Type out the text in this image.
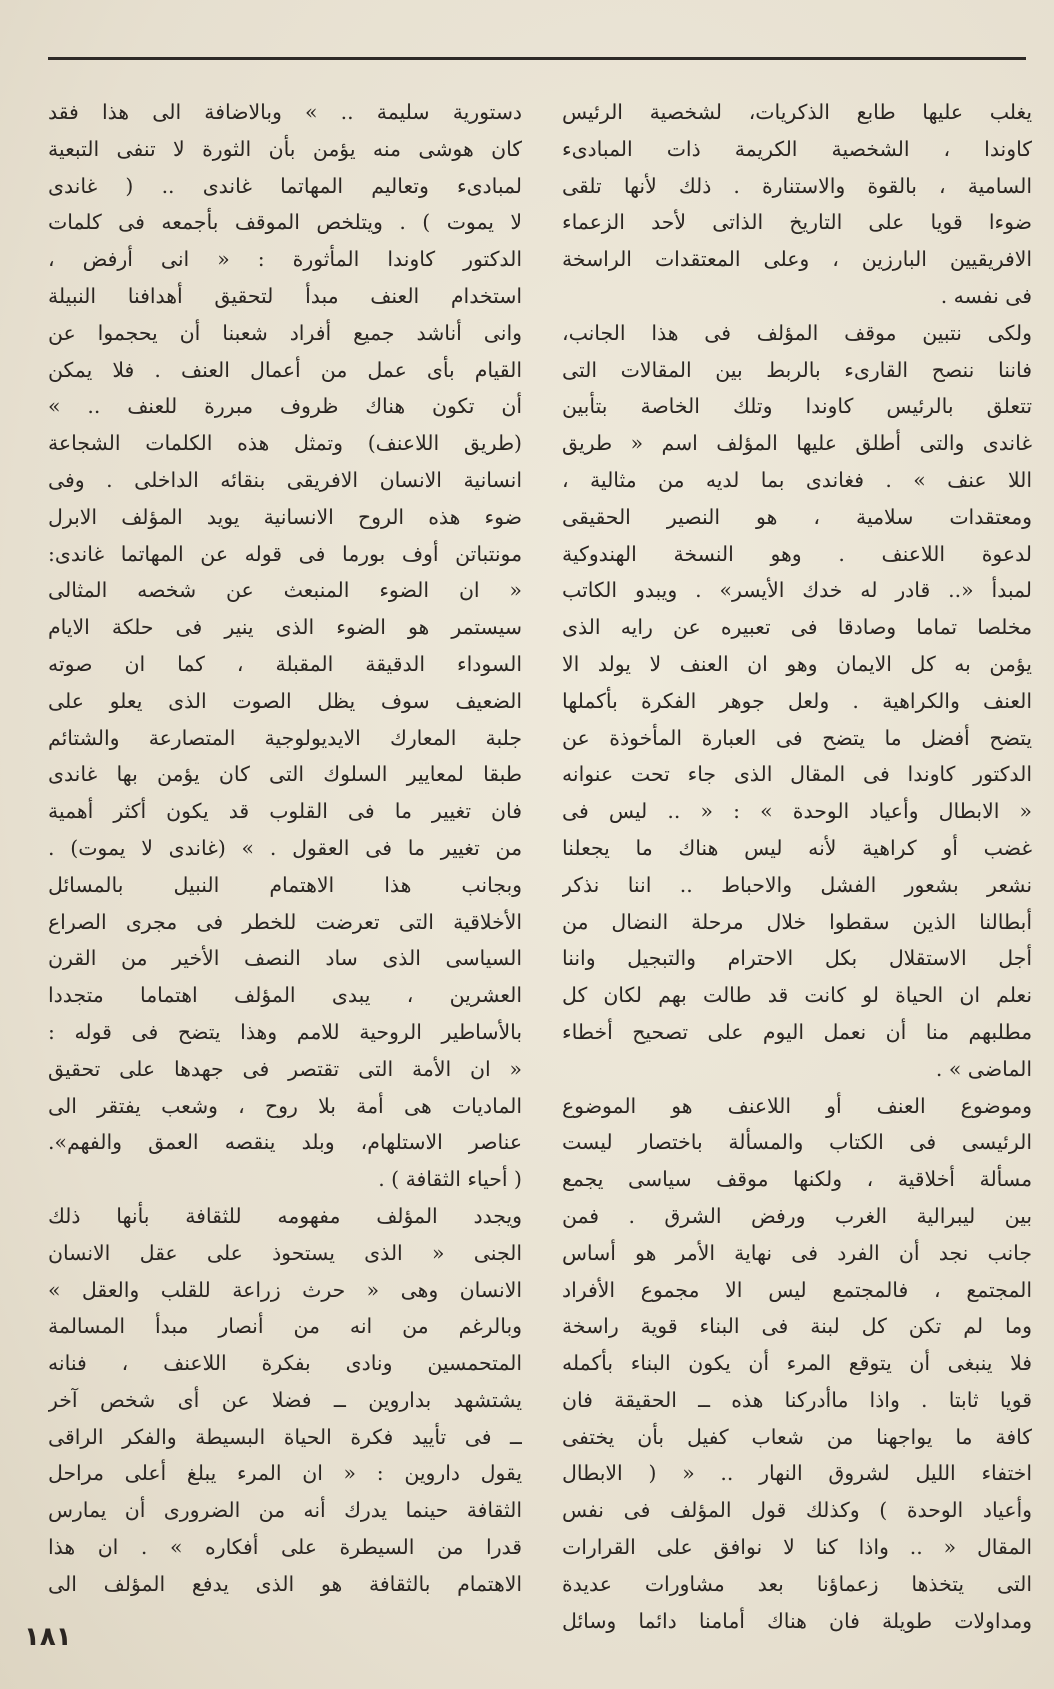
يغلب عليها طابع الذكريات، لشخصية الرئيس
كاوندا ، الشخصية الكريمة ذات المبادىء
السامية ، بالقوة والاستنارة . ذلك لأنها تلقى
ضوءا قويا على التاريخ الذاتى لأحد الزعماء
الافريقيين البارزين ، وعلى المعتقدات الراسخة
فى نفسه .
ولكى نتبين موقف المؤلف فى هذا الجانب،
فاننا ننصح القارىء بالربط بين المقالات التى
تتعلق بالرئيس كاوندا وتلك الخاصة بتأبين
غاندى والتى أطلق عليها المؤلف اسم « طريق
اللا عنف » . فغاندى بما لديه من مثالية ،
ومعتقدات سلامية ، هو النصير الحقيقى
لدعوة اللاعنف . وهو النسخة الهندوكية
لمبدأ «.. قادر له خدك الأيسر» . ويبدو الكاتب
مخلصا تماما وصادقا فى تعبيره عن رايه الذى
يؤمن به كل الايمان وهو ان العنف لا يولد الا
العنف والكراهية . ولعل جوهر الفكرة بأكملها
يتضح أفضل ما يتضح فى العبارة المأخوذة عن
الدكتور كاوندا فى المقال الذى جاء تحت عنوانه
« الابطال وأعياد الوحدة » : « .. ليس فى
غضب أو كراهية لأنه ليس هناك ما يجعلنا
نشعر بشعور الفشل والاحباط .. اننا نذكر
أبطالنا الذين سقطوا خلال مرحلة النضال من
أجل الاستقلال بكل الاحترام والتبجيل واننا
نعلم ان الحياة لو كانت قد طالت بهم لكان كل
مطلبهم منا أن نعمل اليوم على تصحيح أخطاء
الماضى » .
وموضوع العنف أو اللاعنف هو الموضوع
الرئيسى فى الكتاب والمسألة باختصار ليست
مسألة أخلاقية ، ولكنها موقف سياسى يجمع
بين ليبرالية الغرب ورفض الشرق . فمن
جانب نجد أن الفرد فى نهاية الأمر هو أساس
المجتمع ، فالمجتمع ليس الا مجموع الأفراد
وما لم تكن كل لبنة فى البناء قوية راسخة
فلا ينبغى أن يتوقع المرء أن يكون البناء بأكمله
قويا ثابتا . واذا ماأدركنا هذه ــ الحقيقة فان
كافة ما يواجهنا من شعاب كفيل بأن يختفى
اختفاء الليل لشروق النهار .. « ( الابطال
وأعياد الوحدة ) وكذلك قول المؤلف فى نفس
المقال « .. واذا كنا لا نوافق على القرارات
التى يتخذها زعماؤنا بعد مشاورات عديدة
ومداولات طويلة فان هناك أمامنا دائما وسائل
دستورية سليمة .. » وبالاضافة الى هذا فقد
كان هوشى منه يؤمن بأن الثورة لا تنفى التبعية
لمبادىء وتعاليم المهاتما غاندى .. ( غاندى
لا يموت ) . ويتلخص الموقف بأجمعه فى كلمات
الدكتور كاوندا المأثورة : « انى أرفض ،
استخدام العنف مبدأ لتحقيق أهدافنا النبيلة
وانى أناشد جميع أفراد شعبنا أن يحجموا عن
القيام بأى عمل من أعمال العنف . فلا يمكن
أن تكون هناك ظروف مبررة للعنف .. »
(طريق اللاعنف) وتمثل هذه الكلمات الشجاعة
انسانية الانسان الافريقى بنقائه الداخلى . وفى
ضوء هذه الروح الانسانية يويد المؤلف الابرل
مونتباتن أوف بورما فى قوله عن المهاتما غاندى:
« ان الضوء المنبعث عن شخصه المثالى
سيستمر هو الضوء الذى ينير فى حلكة الايام
السوداء الدقيقة المقبلة ، كما ان صوته
الضعيف سوف يظل الصوت الذى يعلو على
جلبة المعارك الايديولوجية المتصارعة والشتائم
طبقا لمعايير السلوك التى كان يؤمن بها غاندى
فان تغيير ما فى القلوب قد يكون أكثر أهمية
من تغيير ما فى العقول . » (غاندى لا يموت) .
وبجانب هذا الاهتمام النبيل بالمسائل
الأخلاقية التى تعرضت للخطر فى مجرى الصراع
السياسى الذى ساد النصف الأخير من القرن
العشرين ، يبدى المؤلف اهتماما متجددا
بالأساطير الروحية للامم وهذا يتضح فى قوله :
« ان الأمة التى تقتصر فى جهدها على تحقيق
الماديات هى أمة بلا روح ، وشعب يفتقر الى
عناصر الاستلهام، وبلد ينقصه العمق والفهم».
( أحياء الثقافة ) .
ويجدد المؤلف مفهومه للثقافة بأنها ذلك
الجنى « الذى يستحوذ على عقل الانسان
الانسان وهى « حرث زراعة للقلب والعقل »
وبالرغم من انه من أنصار مبدأ المسالمة
المتحمسين ونادى بفكرة اللاعنف ، فنانه
يشتشهد بداروين ــ فضلا عن أى شخص آخر
ــ فى تأييد فكرة الحياة البسيطة والفكر الراقى
يقول داروين : « ان المرء يبلغ أعلى مراحل
الثقافة حينما يدرك أنه من الضرورى أن يمارس
قدرا من السيطرة على أفكاره » . ان هذا
الاهتمام بالثقافة هو الذى يدفع المؤلف الى
١٨١
